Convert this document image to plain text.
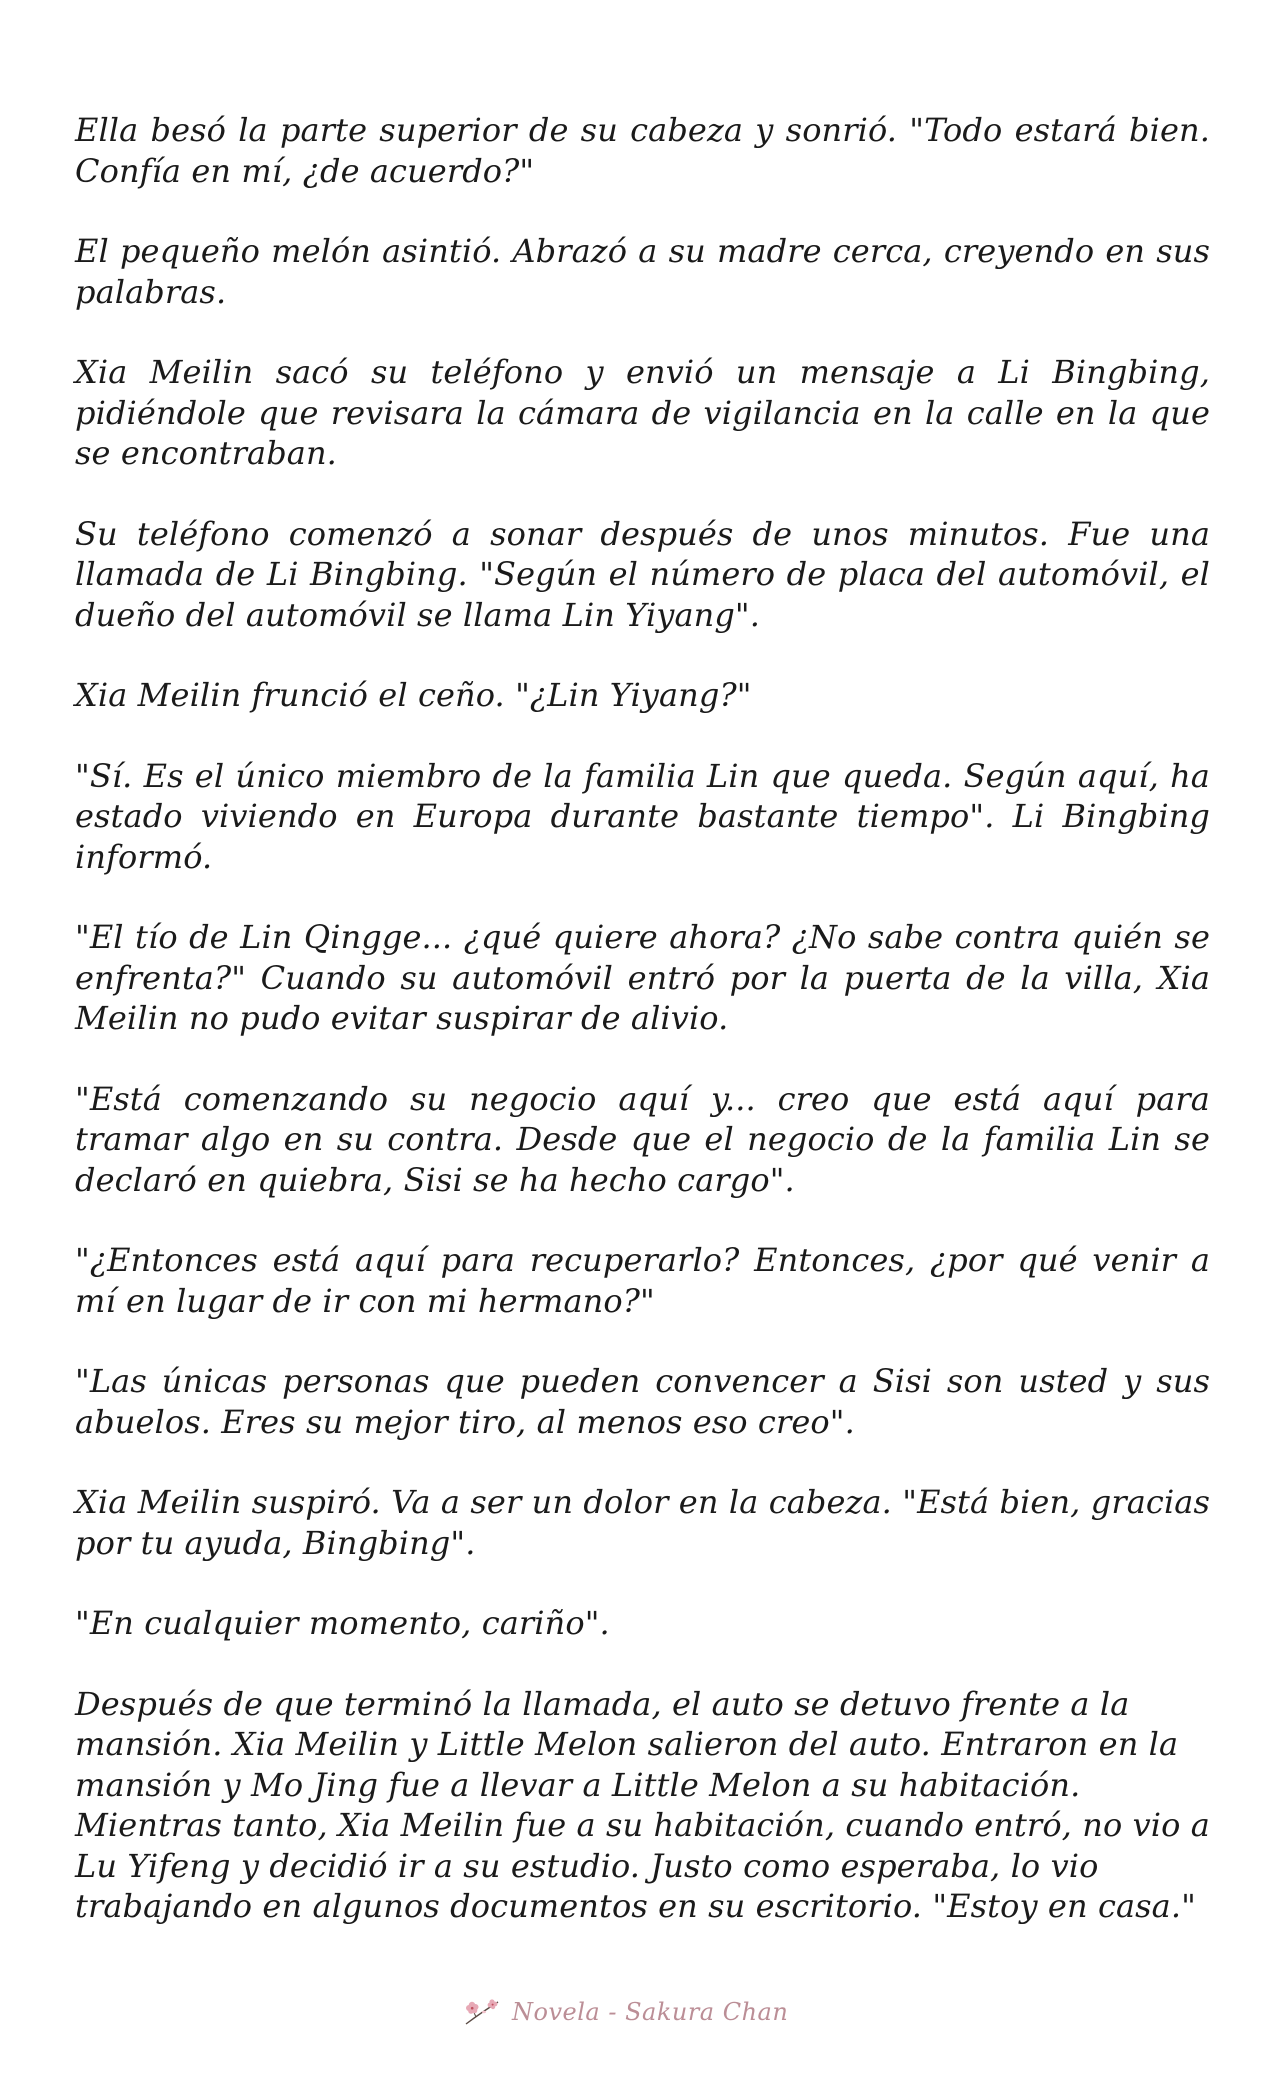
Ella besó la parte superior de su cabeza y sonrió. "Todo estará bien. Confía en mí, ¿de acuerdo?"

El pequeño melón asintió. Abrazó a su madre cerca, creyendo en sus palabras.

Xia Meilin sacó su teléfono y envió un mensaje a Li Bingbing, pidiéndole que revisara la cámara de vigilancia en la calle en la que se encontraban.

Su teléfono comenzó a sonar después de unos minutos. Fue una llamada de Li Bingbing. "Según el número de placa del automóvil, el dueño del automóvil se llama Lin Yiyang".

Xia Meilin frunció el ceño. "¿Lin Yiyang?"

"Sí. Es el único miembro de la familia Lin que queda. Según aquí, ha estado viviendo en Europa durante bastante tiempo". Li Bingbing informó.

"El tío de Lin Qingge... ¿qué quiere ahora? ¿No sabe contra quién se enfrenta?" Cuando su automóvil entró por la puerta de la villa, Xia Meilin no pudo evitar suspirar de alivio.

"Está comenzando su negocio aquí y... creo que está aquí para tramar algo en su contra. Desde que el negocio de la familia Lin se declaró en quiebra, Sisi se ha hecho cargo".

"¿Entonces está aquí para recuperarlo? Entonces, ¿por qué venir a mí en lugar de ir con mi hermano?"

"Las únicas personas que pueden convencer a Sisi son usted y sus abuelos. Eres su mejor tiro, al menos eso creo".

Xia Meilin suspiró. Va a ser un dolor en la cabeza. "Está bien, gracias por tu ayuda, Bingbing".

"En cualquier momento, cariño".

Después de que terminó la llamada, el auto se detuvo frente a la mansión. Xia Meilin y Little Melon salieron del auto. Entraron en la mansión y Mo Jing fue a llevar a Little Melon a su habitación. Mientras tanto, Xia Meilin fue a su habitación, cuando entró, no vio a Lu Yifeng y decidió ir a su estudio. Justo como esperaba, lo vio trabajando en algunos documentos en su escritorio. "Estoy en casa."

Novela - Sakura Chan
